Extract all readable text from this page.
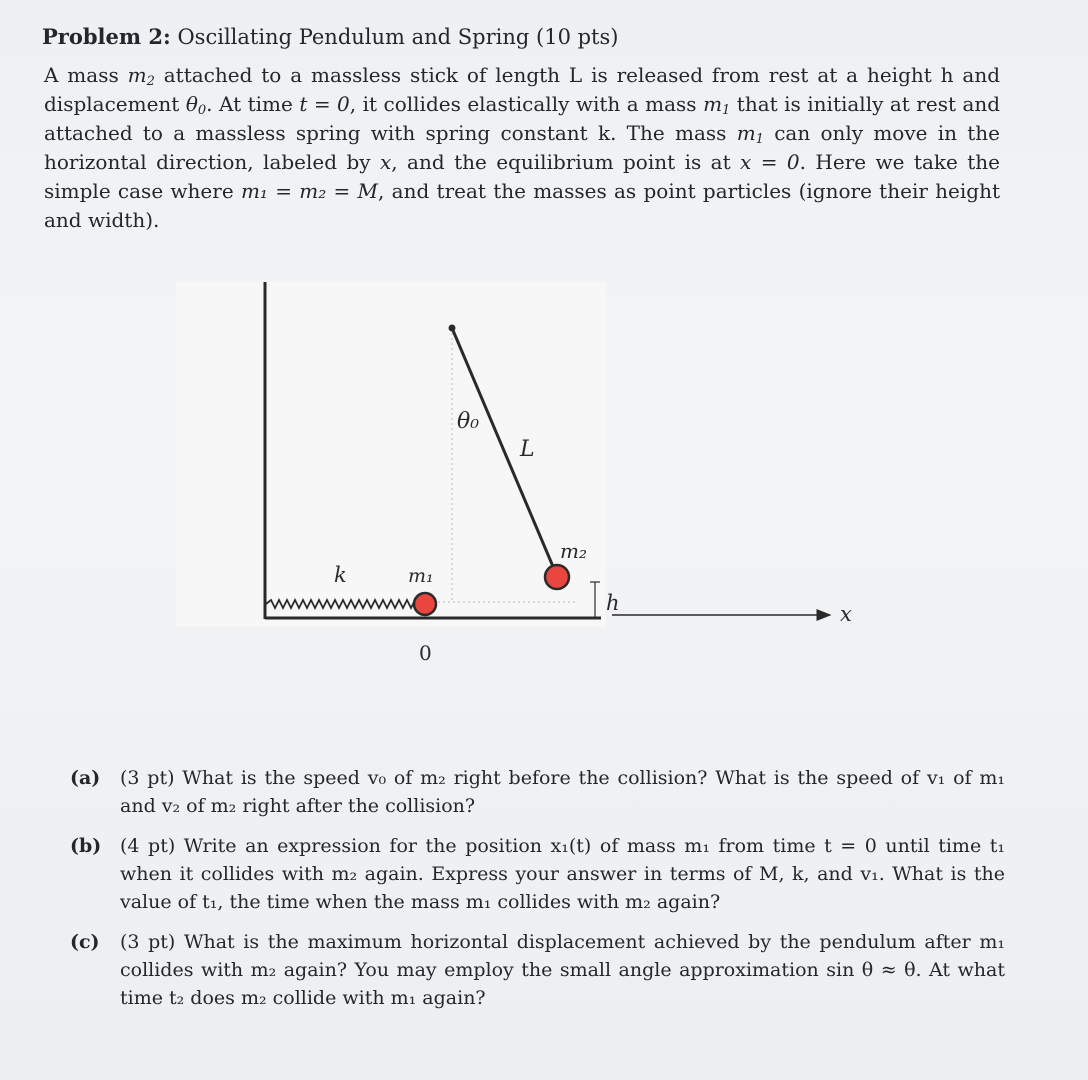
Problem 2: Oscillating Pendulum and Spring (10 pts)

A mass $m_2$ attached to a massless stick of length L is released from rest at a height h and displacement $\theta_0$. At time t = 0, it collides elastically with a mass $m_1$ that is initially at rest and attached to a massless spring with spring constant k. The mass $m_1$ can only move in the horizontal direction, labeled by x, and the equilibrium point is at x = 0. Here we take the simple case where m₁ = m₂ = M, and treat the masses as point particles (ignore their height and width).

θ₀
L
m₂
m₁
k
h	x
0
(a) (3 pt) What is the speed v₀ of m₂ right before the collision? What is the speed of v₁ of m₁ and v₂ of m₂ right after the collision?

(b) (4 pt) Write an expression for the position x₁(t) of mass m₁ from time t = 0 until time t₁ when it collides with m₂ again. Express your answer in terms of M, k, and v₁. What is the value of t₁, the time when the mass m₁ collides with m₂ again?

(c) (3 pt) What is the maximum horizontal displacement achieved by the pendulum after m₁ collides with m₂ again? You may employ the small angle approximation sin θ ≈ θ. At what time t₂ does m₂ collide with m₁ again?
